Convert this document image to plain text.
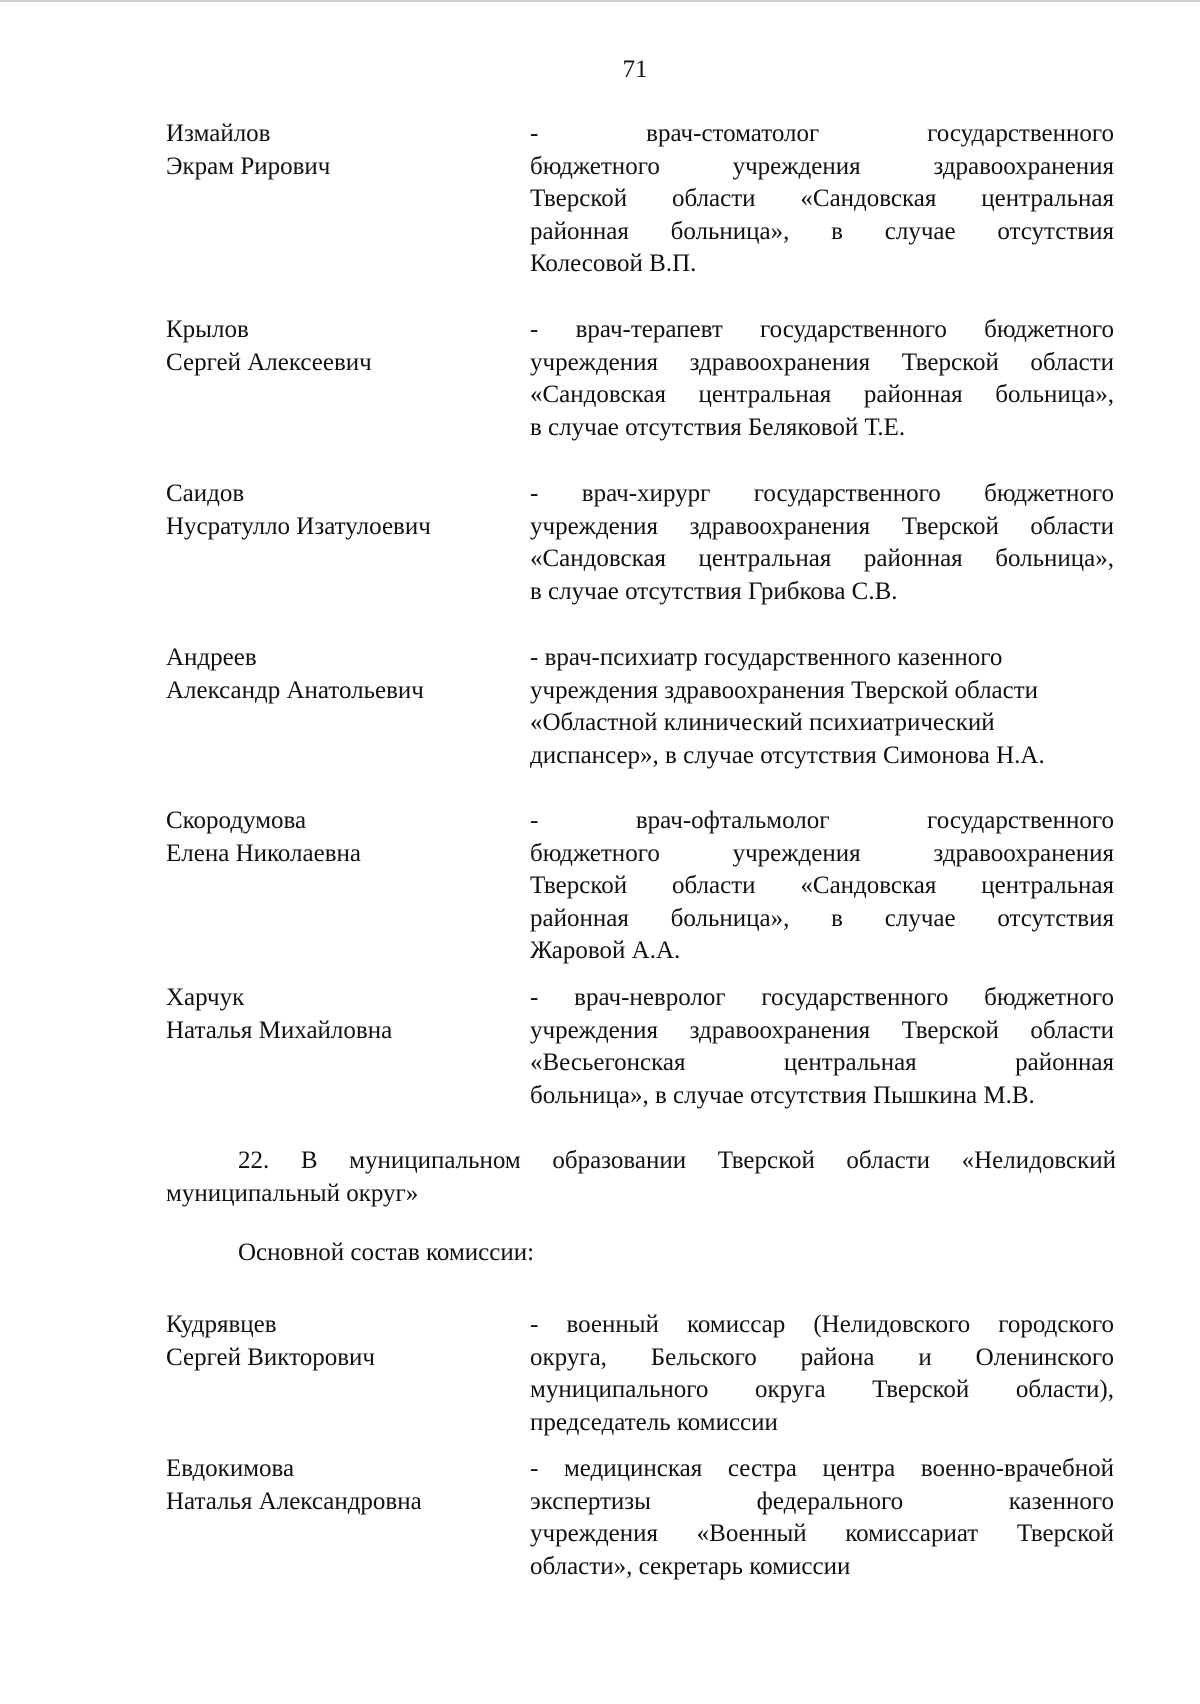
71
Измайлов
Экрам Рирович
- врач-стоматолог государственного
бюджетного учреждения здравоохранения
Тверской области «Сандовская центральная
районная больница», в случае отсутствия
Колесовой В.П.
Крылов
Сергей Алексеевич
- врач-терапевт государственного бюджетного
учреждения здравоохранения Тверской области
«Сандовская центральная районная больница»,
в случае отсутствия Беляковой Т.Е.
Саидов
Нусратулло Изатулоевич
- врач-хирург государственного бюджетного
учреждения здравоохранения Тверской области
«Сандовская центральная районная больница»,
в случае отсутствия Грибкова С.В.
Андреев
Александр Анатольевич
- врач-психиатр государственного казенного
учреждения здравоохранения Тверской области
«Областной клинический психиатрический
диспансер», в случае отсутствия Симонова Н.А.
Скородумова
Елена Николаевна
- врач-офтальмолог государственного
бюджетного учреждения здравоохранения
Тверской области «Сандовская центральная
районная больница», в случае отсутствия
Жаровой А.А.
Харчук
Наталья Михайловна
- врач-невролог государственного бюджетного
учреждения здравоохранения Тверской области
«Весьегонская центральная районная
больница», в случае отсутствия Пышкина М.В.
22. В муниципальном образовании Тверской области «Нелидовский
муниципальный округ»
Основной состав комиссии:
Кудрявцев
Сергей Викторович
- военный комиссар (Нелидовского городского
округа, Бельского района и Оленинского
муниципального округа Тверской области),
председатель комиссии
Евдокимова
Наталья Александровна
- медицинская сестра центра военно-врачебной
экспертизы федерального казенного
учреждения «Военный комиссариат Тверской
области», секретарь комиссии
